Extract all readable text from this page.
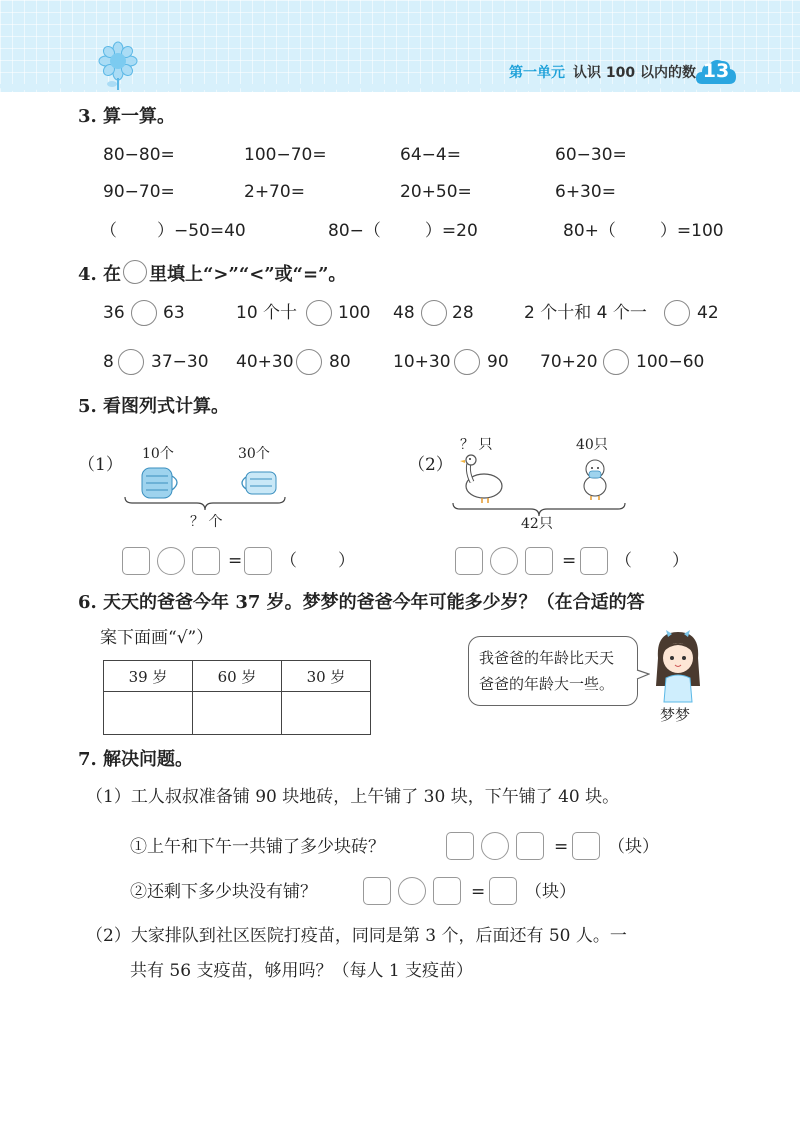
第一单元 认识 100 以内的数 13
3. 算一算。
80−80=	100−70=	64−4=	60−30=
90−70=	2+70=	20+50=	6+30=
（ ）−50=40	80−（	）=20	80+（	）=100
4. 在 里填上“>”“<”或“=”。
36 63	10 个十 100 48 28	2 个十和 4 个一	42
8 37−30 40+30 80 10+30 90 70+20 100−60
5. 看图列式计算。
（1）
10个	30个
？ 个
= （ ）
（2）
？ 只	40只
42只
= （ ）
6. 天天的爸爸今年 37 岁。梦梦的爸爸今年可能多少岁？（在合适的答
案下面画“√”）
39 岁	60 岁	30 岁

我爸爸的年龄比天天
爸爸的年龄大一些。
梦梦
7. 解决问题。
（1）工人叔叔准备铺 90 块地砖，上午铺了 30 块，下午铺了 40 块。
①上午和下午一共铺了多少块砖？	= （块）
②还剩下多少块没有铺？	= （块）
（2）大家排队到社区医院打疫苗，同同是第 3 个，后面还有 50 人。一
共有 56 支疫苗，够用吗？（每人 1 支疫苗）
